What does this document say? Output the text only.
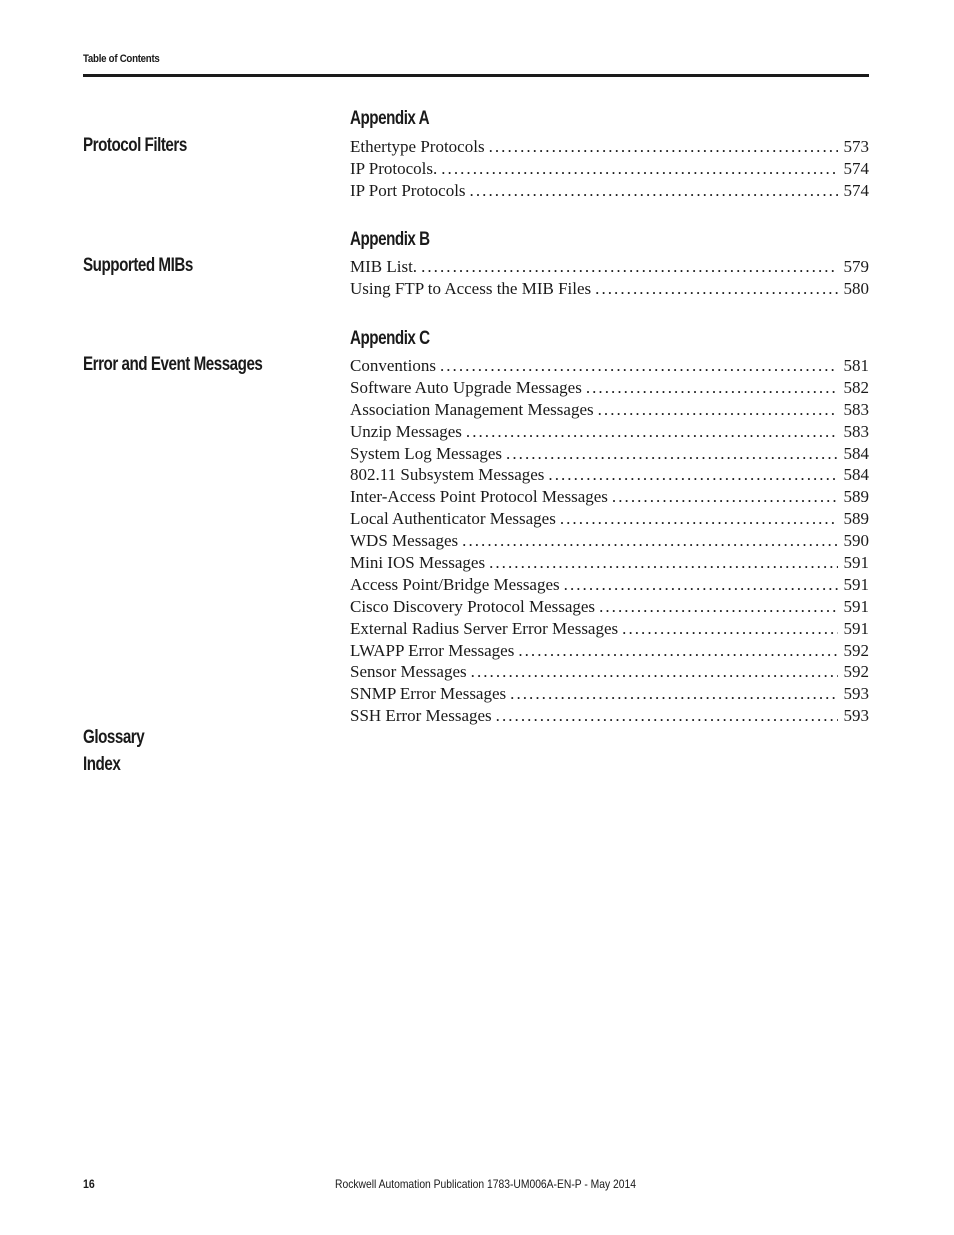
Table of Contents
Appendix A
Protocol Filters	Ethertype Protocols . . .	573
IP Protocols. . . .	574
IP Port Protocols . . .	574
Appendix B
Supported MIBs	MIB List. . . .	579
Using FTP to Access the MIB Files . . .	580
Appendix C
Error and Event Messages	Conventions . . .	581
Software Auto Upgrade Messages . . .	582
Association Management Messages . . .	583
Unzip Messages . . .	583
System Log Messages . . .	584
802.11 Subsystem Messages . . .	584
Inter-Access Point Protocol Messages . . .	589
Local Authenticator Messages . . .	589
WDS Messages . . .	590
Mini IOS Messages . . .	591
Access Point/Bridge Messages . . .	591
Cisco Discovery Protocol Messages . . .	591
External Radius Server Error Messages . . .	591
LWAPP Error Messages . . .	592
Sensor Messages . . .	592
SNMP Error Messages . . .	593
SSH Error Messages . . .	593
Glossary
Index
16	Rockwell Automation Publication 1783-UM006A-EN-P - May 2014
